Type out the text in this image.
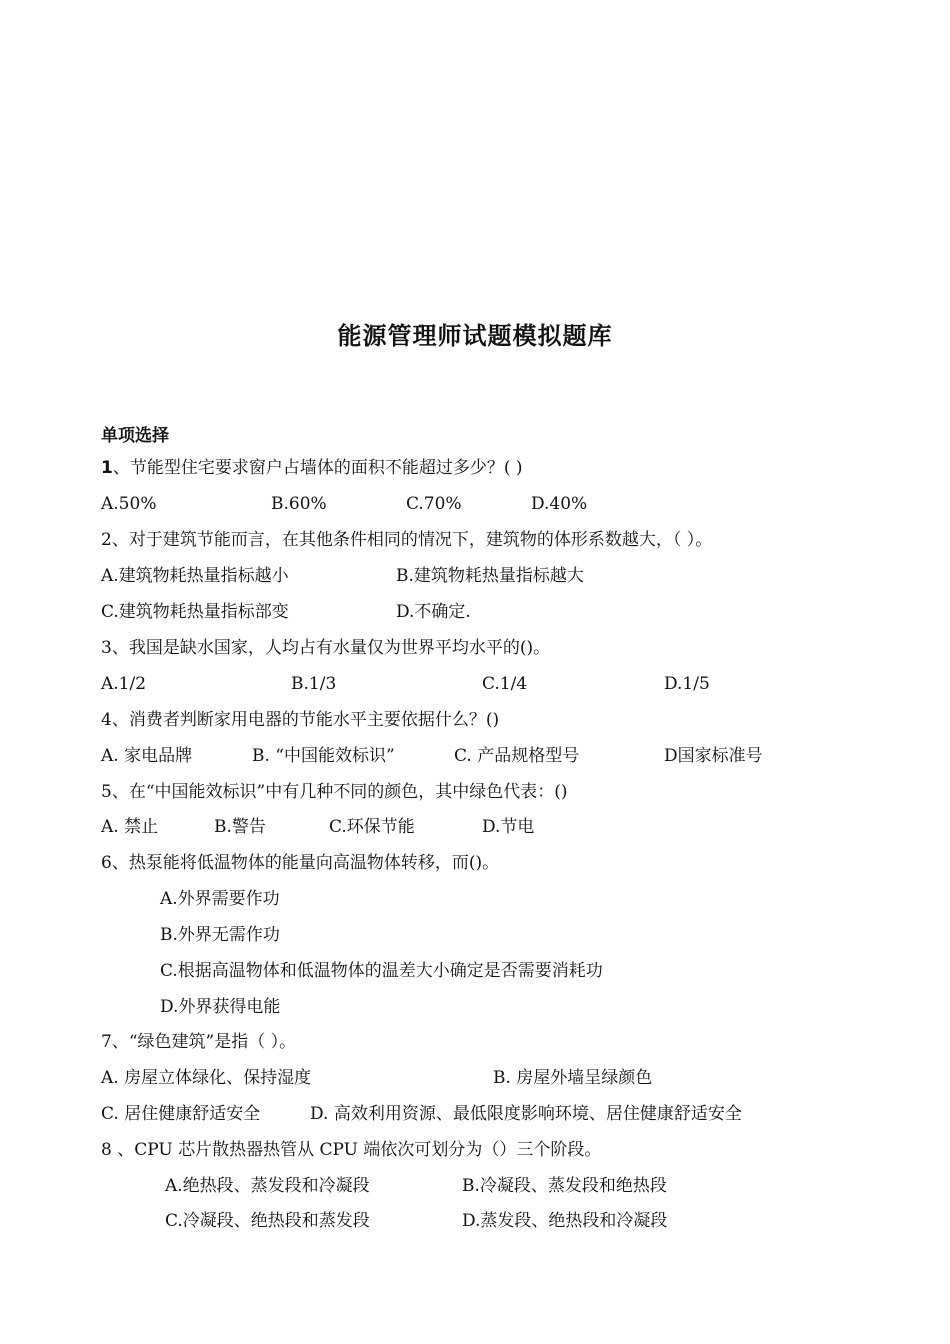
能源管理师试题模拟题库
单项选择
1、节能型住宅要求窗户占墙体的面积不能超过多少？( )
A.50%	B.60%	C.70%	D.40%
2、对于建筑节能而言，在其他条件相同的情况下，建筑物的体形系数越大，（ ）。
A.建筑物耗热量指标越小	B.建筑物耗热量指标越大
C.建筑物耗热量指标部变	D.不确定.
3、我国是缺水国家，人均占有水量仅为世界平均水平的()。
A.1/2	B.1/3	C.1/4	D.1/5
4、消费者判断家用电器的节能水平主要依据什么？()
A. 家电品牌	B. “中国能效标识”	C. 产品规格型号	D国家标准号
5、在“中国能效标识”中有几种不同的颜色，其中绿色代表：()
A. 禁止	B.警告	C.环保节能	D.节电
6、热泵能将低温物体的能量向高温物体转移，而()。
A.外界需要作功
B.外界无需作功
C.根据高温物体和低温物体的温差大小确定是否需要消耗功
D.外界获得电能
7、“绿色建筑”是指（ ）。
A. 房屋立体绿化、保持湿度	B. 房屋外墙呈绿颜色
C. 居住健康舒适安全	D. 高效利用资源、最低限度影响环境、居住健康舒适安全
8 、CPU 芯片散热器热管从 CPU 端依次可划分为（）三个阶段。
A.绝热段、蒸发段和冷凝段	B.冷凝段、蒸发段和绝热段
C.冷凝段、绝热段和蒸发段	D.蒸发段、绝热段和冷凝段
